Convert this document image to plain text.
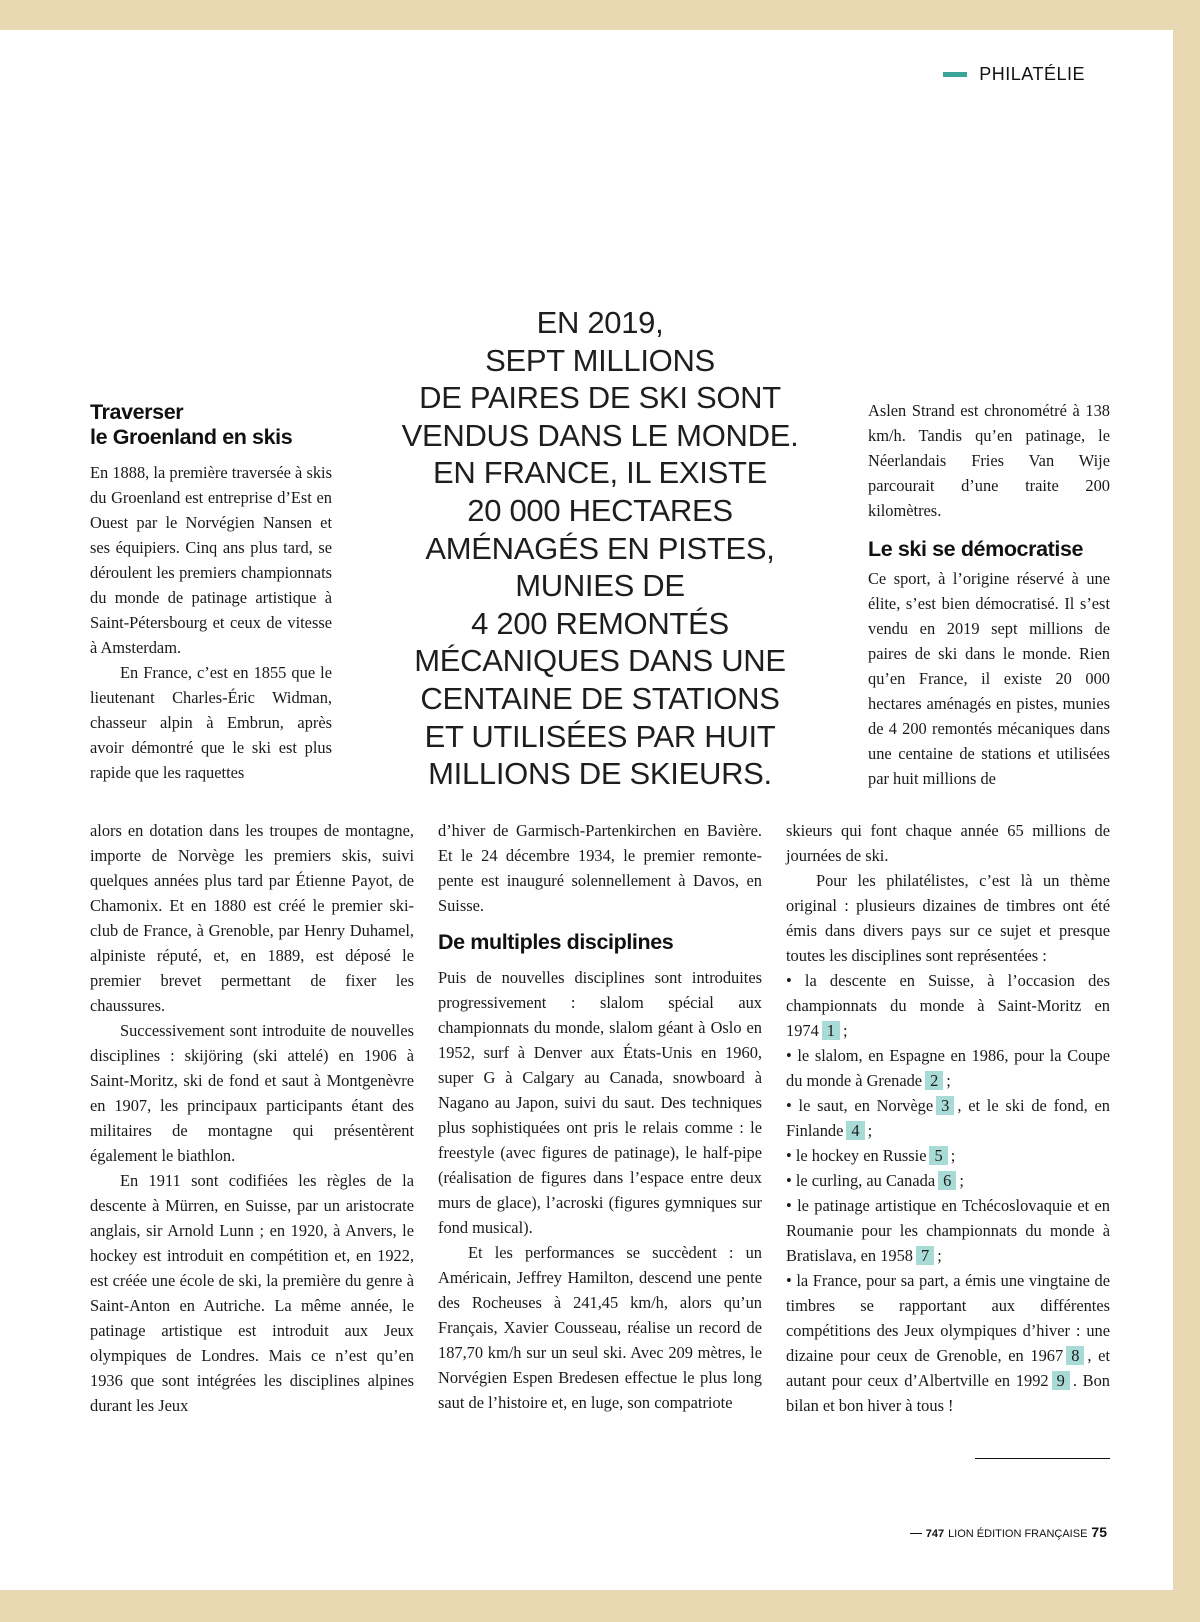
PHILATÉLIE
EN 2019,
SEPT MILLIONS
DE PAIRES DE SKI SONT
VENDUS DANS LE MONDE.
EN FRANCE, IL EXISTE
20 000 HECTARES
AMÉNAGÉS EN PISTES,
MUNIES DE
4 200 REMONTÉS
MÉCANIQUES DANS UNE
CENTAINE DE STATIONS
ET UTILISÉES PAR HUIT
MILLIONS DE SKIEURS.
Traverser
le Groenland en skis

En 1888, la première traversée à skis du Groenland est entreprise d’Est en Ouest par le Norvégien Nansen et ses équipiers. Cinq ans plus tard, se déroulent les premiers championnats du monde de patinage artistique à Saint-Pétersbourg et ceux de vitesse à Amsterdam.

En France, c’est en 1855 que le lieutenant Charles-Éric Widman, chasseur alpin à Embrun, après avoir démontré que le ski est plus rapide que les raquettes

alors en dotation dans les troupes de montagne, importe de Norvège les premiers skis, suivi quelques années plus tard par Étienne Payot, de Chamonix. Et en 1880 est créé le premier ski-club de France, à Grenoble, par Henry Duhamel, alpiniste réputé, et, en 1889, est déposé le premier brevet permettant de fixer les chaussures.

Successivement sont introduite de nouvelles disciplines : skijöring (ski attelé) en 1906 à Saint-Moritz, ski de fond et saut à Montgenèvre en 1907, les principaux participants étant des militaires de montagne qui présentèrent également le biathlon.

En 1911 sont codifiées les règles de la descente à Mürren, en Suisse, par un aristocrate anglais, sir Arnold Lunn ; en 1920, à Anvers, le hockey est introduit en compétition et, en 1922, est créée une école de ski, la première du genre à Saint-Anton en Autriche. La même année, le patinage artistique est introduit aux Jeux olympiques de Londres. Mais ce n’est qu’en 1936 que sont intégrées les disciplines alpines durant les Jeux

d’hiver de Garmisch-Partenkirchen en Bavière. Et le 24 décembre 1934, le premier remonte-pente est inauguré solennellement à Davos, en Suisse.

De multiples disciplines

Puis de nouvelles disciplines sont introduites progressivement : slalom spécial aux championnats du monde, slalom géant à Oslo en 1952, surf à Denver aux États-Unis en 1960, super G à Calgary au Canada, snowboard à Nagano au Japon, suivi du saut. Des techniques plus sophistiquées ont pris le relais comme : le freestyle (avec figures de patinage), le half-pipe (réalisation de figures dans l’espace entre deux murs de glace), l’acroski (figures gymniques sur fond musical).

Et les performances se succèdent : un Américain, Jeffrey Hamilton, descend une pente des Rocheuses à 241,45 km/h, alors qu’un Français, Xavier Cousseau, réalise un record de 187,70 km/h sur un seul ski. Avec 209 mètres, le Norvégien Espen Bredesen effectue le plus long saut de l’histoire et, en luge, son compatriote

Aslen Strand est chronométré à 138 km/h. Tandis qu’en patinage, le Néerlandais Fries Van Wije parcourait d’une traite 200 kilomètres.

Le ski se démocratise

Ce sport, à l’origine réservé à une élite, s’est bien démocratisé. Il s’est vendu en 2019 sept millions de paires de ski dans le monde. Rien qu’en France, il existe 20 000 hectares aménagés en pistes, munies de 4 200 remontés mécaniques dans une centaine de stations et utilisées par huit millions de

skieurs qui font chaque année 65 millions de journées de ski.

Pour les philatélistes, c’est là un thème original : plusieurs dizaines de timbres ont été émis dans divers pays sur ce sujet et presque toutes les disciplines sont représentées :

• la descente en Suisse, à l’occasion des championnats du monde à Saint-Moritz en 1974 1 ;

• le slalom, en Espagne en 1986, pour la Coupe du monde à Grenade 2 ;

• le saut, en Norvège 3 , et le ski de fond, en Finlande 4 ;

• le hockey en Russie 5 ;

• le curling, au Canada 6 ;

• le patinage artistique en Tchécoslovaquie et en Roumanie pour les championnats du monde à Bratislava, en 1958 7 ;

• la France, pour sa part, a émis une vingtaine de timbres se rapportant aux différentes compétitions des Jeux olympiques d’hiver : une dizaine pour ceux de Grenoble, en 1967 8 , et autant pour ceux d’Albertville en 1992 9 . Bon bilan et bon hiver à tous !

747 LION ÉDITION FRANÇAISE 75
